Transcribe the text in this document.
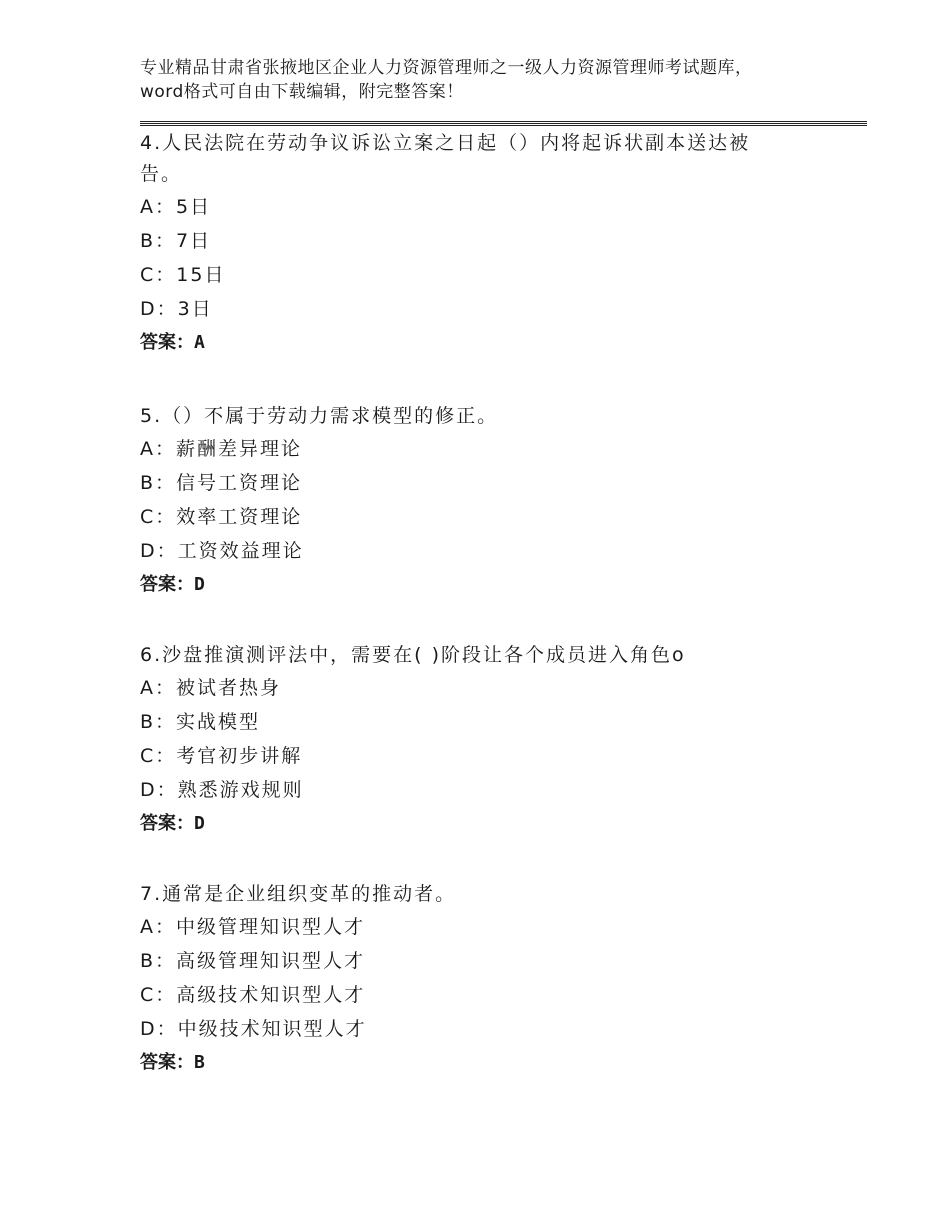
专业精品甘肃省张掖地区企业人力资源管理师之一级人力资源管理师考试题库，word格式可自由下载编辑，附完整答案！

4.人民法院在劳动争议诉讼立案之日起（）内将起诉状副本送达被告。

A：5日

B：7日

C：15日

D：3日

答案：A

5.（）不属于劳动力需求模型的修正。

A：薪酬差异理论

B：信号工资理论

C：效率工资理论

D：工资效益理论

答案：D

6.沙盘推演测评法中，需要在( )阶段让各个成员进入角色o

A：被试者热身

B：实战模型

C：考官初步讲解

D：熟悉游戏规则

答案：D

7.通常是企业组织变革的推动者。

A：中级管理知识型人才

B：高级管理知识型人才

C：高级技术知识型人才

D：中级技术知识型人才

答案：B
